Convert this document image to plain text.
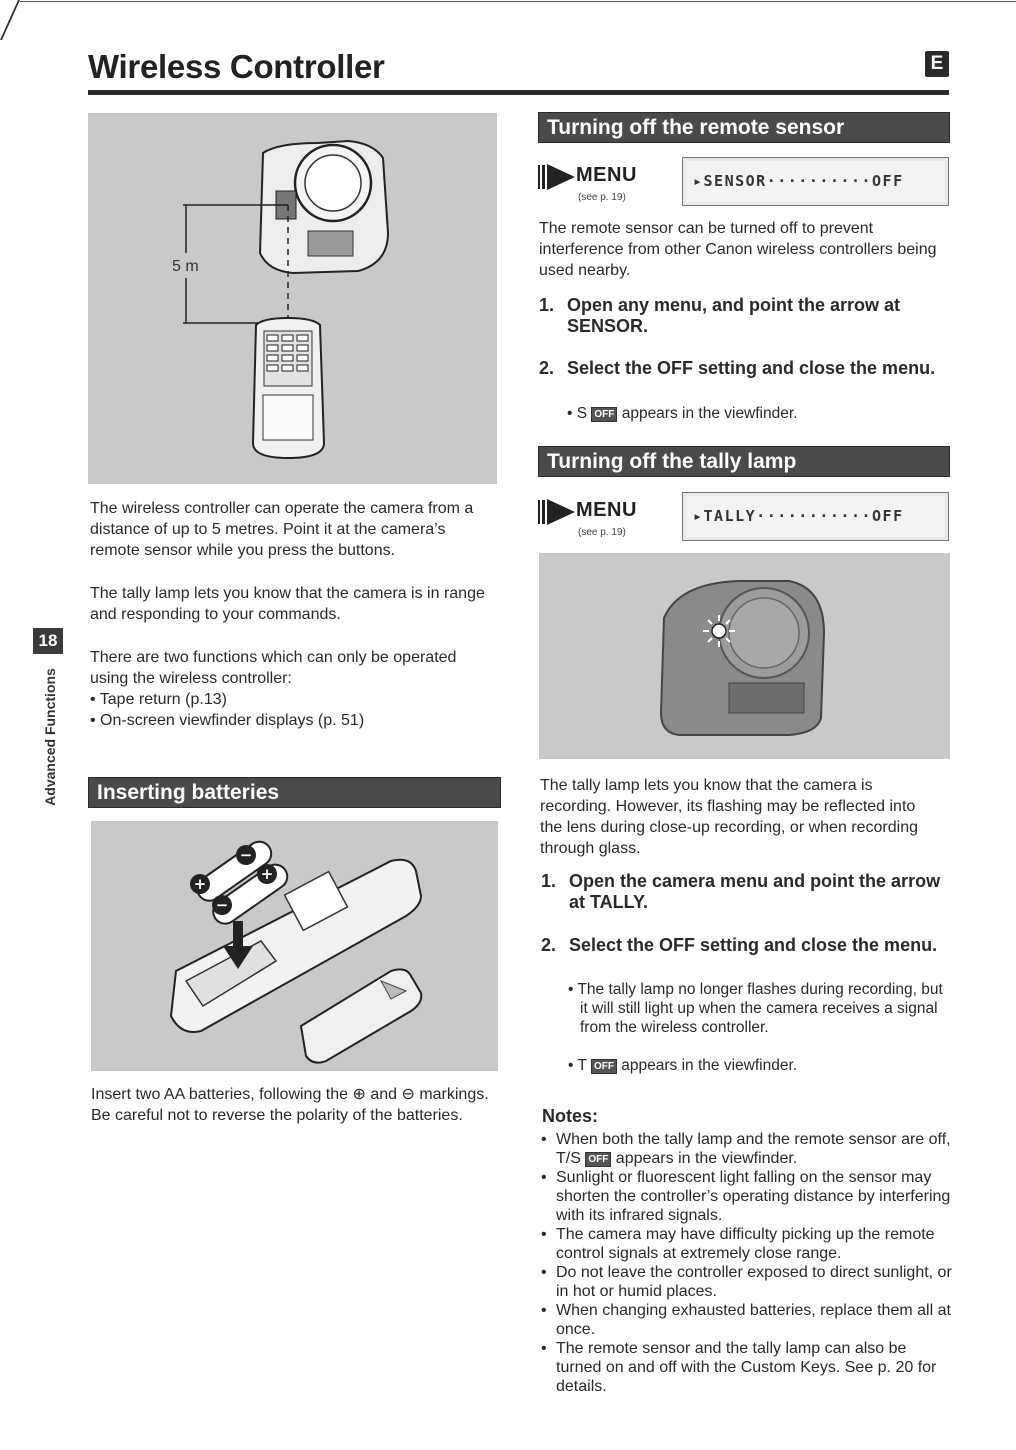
Wireless Controller	E
18
Advanced Functions
5 m

The wireless controller can operate the camera from a distance of up to 5 metres. Point it at the camera’s remote sensor while you press the buttons.

The tally lamp lets you know that the camera is in range and responding to your commands.

There are two functions which can only be operated using the wireless controller:

• Tape return (p.13)
• On-screen viewfinder displays (p. 51)
Inserting batteries
+
−
+
−
Insert two AA batteries, following the ⊕ and ⊖ markings. Be careful not to reverse the polarity of the batteries.
Turning off the remote sensor
MENU
(see p. 19)
▸SENSOR··········OFF
The remote sensor can be turned off to prevent interference from other Canon wireless controllers being used nearby.
1. Open any menu, and point the arrow at SENSOR.
2. Select the OFF setting and close the menu.
• S OFF appears in the viewfinder.
Turning off the tally lamp
MENU
(see p. 19)
▸TALLY···········OFF
The tally lamp lets you know that the camera is recording. However, its flashing may be reflected into the lens during close-up recording, or when recording through glass.
1. Open the camera menu and point the arrow at TALLY.
2. Select the OFF setting and close the menu.
• The tally lamp no longer flashes during recording, but it will still light up when the camera receives a signal from the wireless controller.
• T OFF appears in the viewfinder.
Notes:
• When both the tally lamp and the remote sensor are off, T/S OFF appears in the viewfinder.
• Sunlight or fluorescent light falling on the sensor may shorten the controller’s operating distance by interfering with its infrared signals.
• The camera may have difficulty picking up the remote control signals at extremely close range.
• Do not leave the controller exposed to direct sunlight, or in hot or humid places.
• When changing exhausted batteries, replace them all at once.
• The remote sensor and the tally lamp can also be turned on and off with the Custom Keys. See p. 20 for details.
